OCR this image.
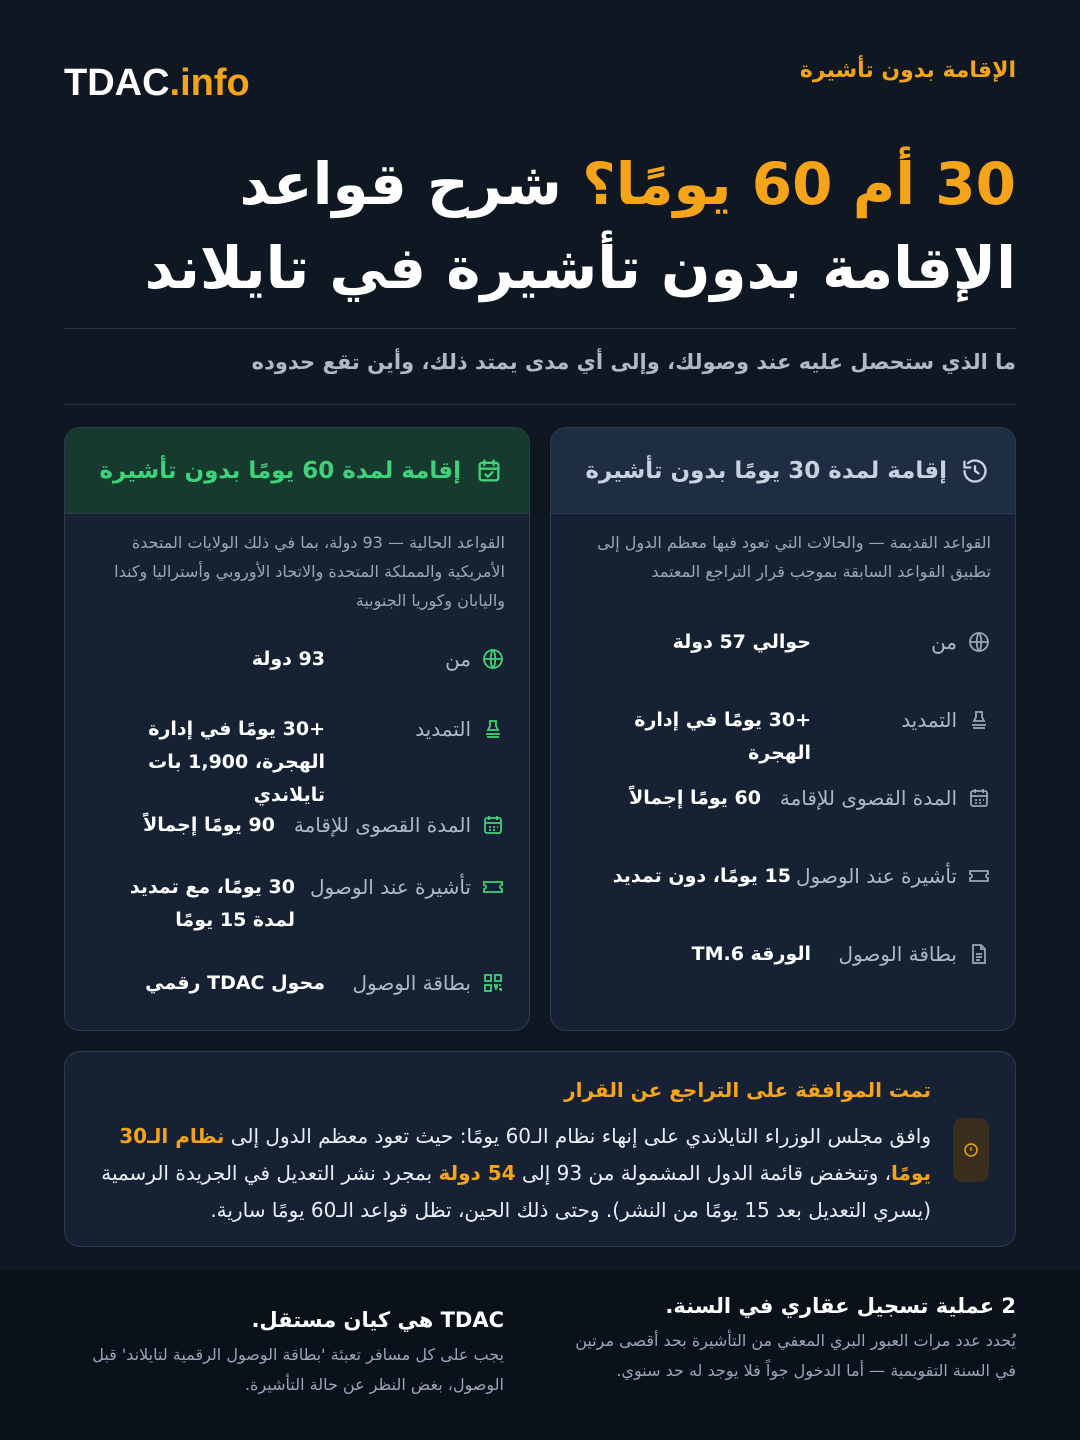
TDAC.info	الإقامة بدون تأشيرة
30 أم 60 يومًا؟ شرح قواعد
الإقامة بدون تأشيرة في تايلاند
ما الذي ستحصل عليه عند وصولك، وإلى أي مدى يمتد ذلك، وأين تقع حدوده
إقامة لمدة 30 يومًا بدون تأشيرة
القواعد القديمة — والحالات التي تعود فيها معظم الدول إلى تطبيق القواعد السابقة بموجب قرار التراجع المعتمد
من
حوالي 57 دولة
التمديد
+30 يومًا في إدارة الهجرة
المدة القصوى للإقامة
60 يومًا إجمالاً
تأشيرة عند الوصول
15 يومًا، دون تمديد
بطاقة الوصول
الورقة TM.6
إقامة لمدة 60 يومًا بدون تأشيرة
القواعد الحالية — 93 دولة، بما في ذلك الولايات المتحدة الأمريكية والمملكة المتحدة والاتحاد الأوروبي وأستراليا وكندا واليابان وكوريا الجنوبية
من
93 دولة
التمديد
+30 يومًا في إدارة الهجرة، 1,900 بات تايلاندي
المدة القصوى للإقامة
90 يومًا إجمالاً
تأشيرة عند الوصول
30 يومًا، مع تمديد لمدة 15 يومًا
بطاقة الوصول
محول TDAC رقمي
تمت الموافقة على التراجع عن القرار
وافق مجلس الوزراء التايلاندي على إنهاء نظام الـ60 يومًا: حيث تعود معظم الدول إلى نظام الـ30 يومًا، وتنخفض قائمة الدول المشمولة من 93 إلى 54 دولة بمجرد نشر التعديل في الجريدة الرسمية (يسري التعديل بعد 15 يومًا من النشر). وحتى ذلك الحين، تظل قواعد الـ60 يومًا سارية.
2 عملية تسجيل عقاري في السنة.
يُحدد عدد مرات العبور البري المعفي من التأشيرة بحد أقصى مرتين في السنة التقويمية — أما الدخول جواً فلا يوجد له حد سنوي.
TDAC هي كيان مستقل.
يجب على كل مسافر تعبئة 'بطاقة الوصول الرقمية لتايلاند' قبل الوصول، بغض النظر عن حالة التأشيرة.
